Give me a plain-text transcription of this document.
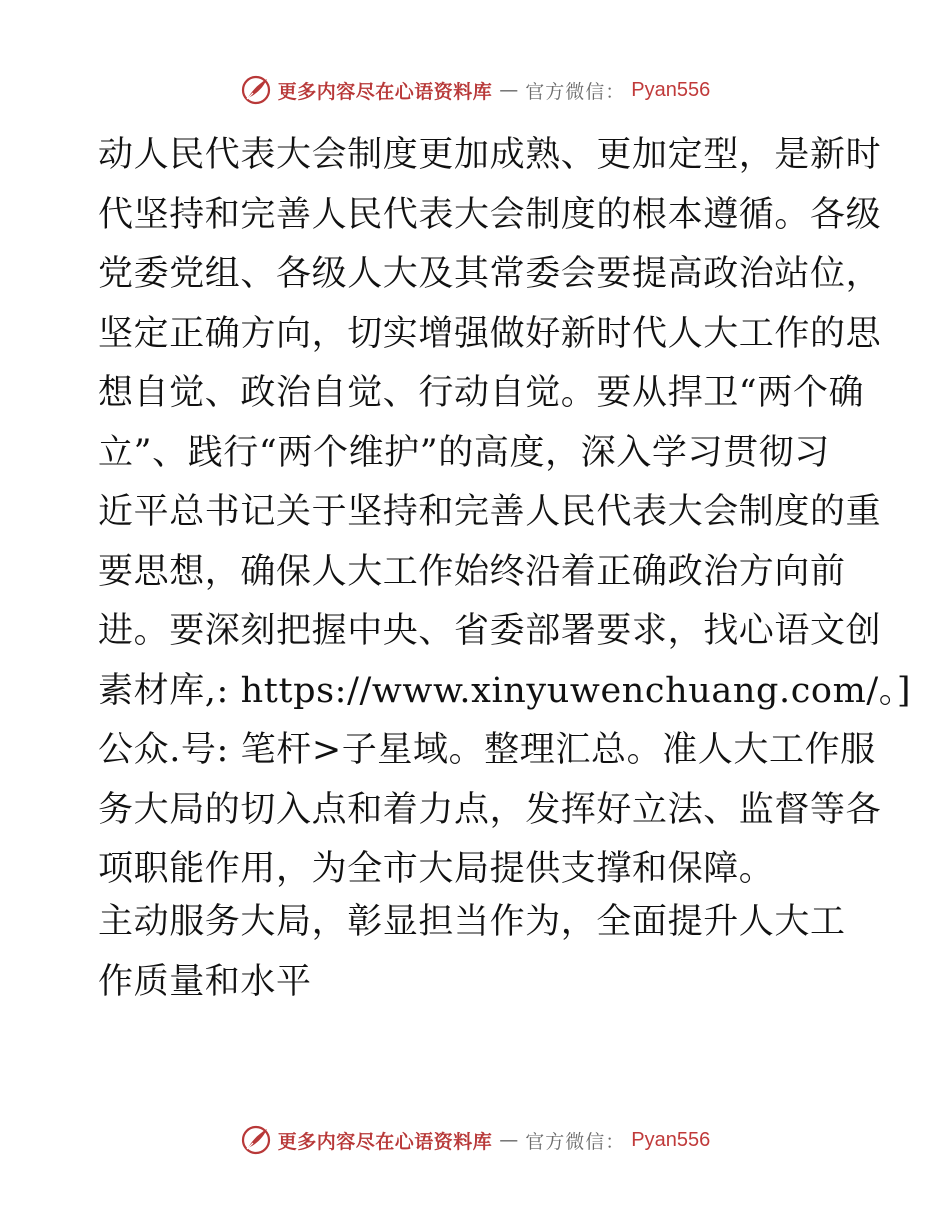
更多内容尽在心语资料库 — 官方微信： Pyan556
动人民代表大会制度更加成熟、更加定型，是新时
代坚持和完善人民代表大会制度的根本遵循。各级
党委党组、各级人大及其常委会要提高政治站位，
坚定正确方向，切实增强做好新时代人大工作的思
想自觉、政治自觉、行动自觉。要从捍卫“两个确
立”、践行“两个维护”的高度，深入学习贯彻习
近平总书记关于坚持和完善人民代表大会制度的重
要思想，确保人大工作始终沿着正确政治方向前
进。要深刻把握中央、省委部署要求，找心语文创
素材库,: https://www.xinyuwenchuang.com/。]
公众.号: 笔杆>子星域。整理汇总。准人大工作服
务大局的切入点和着力点，发挥好立法、监督等各
项职能作用，为全市大局提供支撑和保障。
主动服务大局，彰显担当作为，全面提升人大工
作质量和水平
更多内容尽在心语资料库 — 官方微信： Pyan556
